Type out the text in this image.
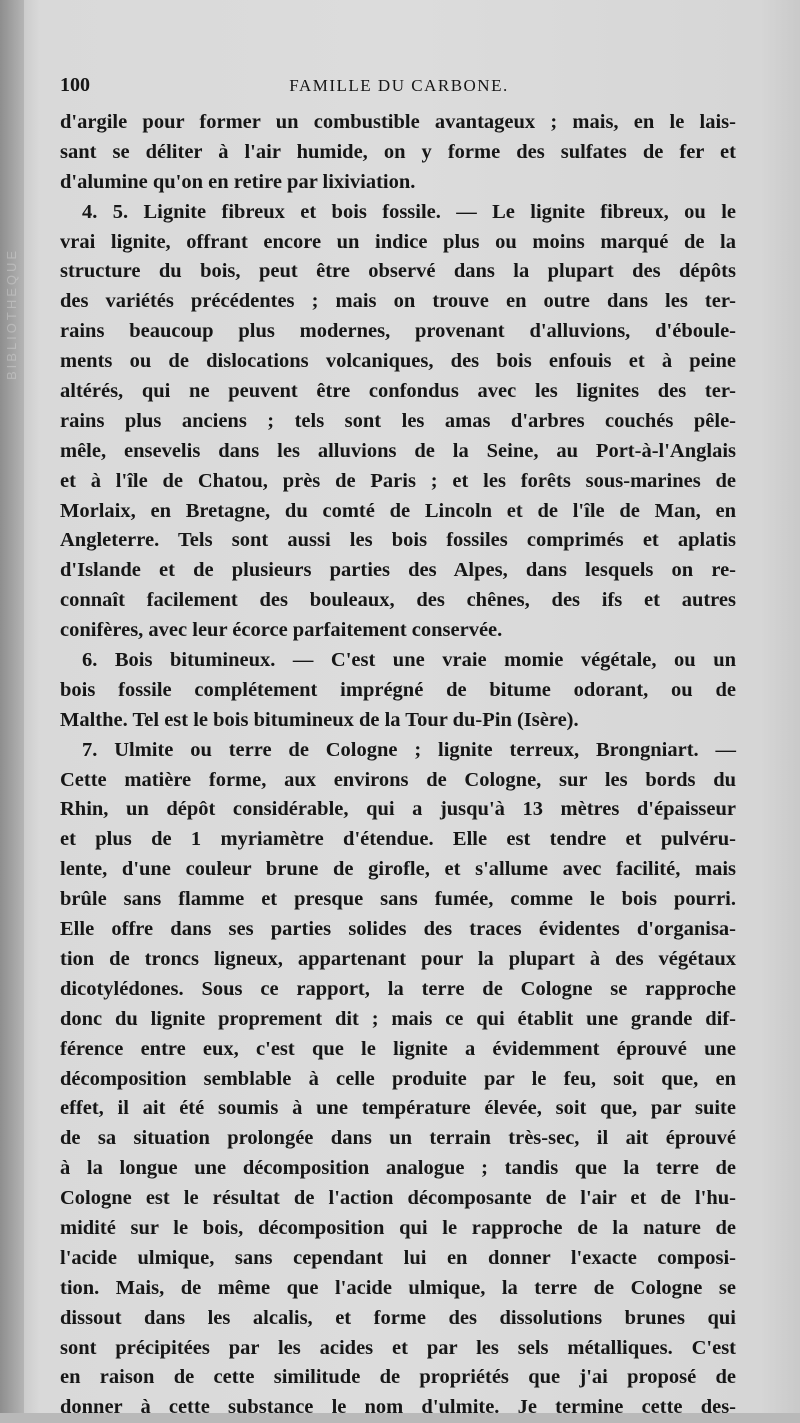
BIBLIOTHEQUE
100	FAMILLE DU CARBONE.
d'argile pour former un combustible avantageux ; mais, en le lais-
sant se déliter à l'air humide, on y forme des sulfates de fer et
d'alumine qu'on en retire par lixiviation.
4. 5. Lignite fibreux et bois fossile. — Le lignite fibreux, ou le
vrai lignite, offrant encore un indice plus ou moins marqué de la
structure du bois, peut être observé dans la plupart des dépôts
des variétés précédentes ; mais on trouve en outre dans les ter-
rains beaucoup plus modernes, provenant d'alluvions, d'éboule-
ments ou de dislocations volcaniques, des bois enfouis et à peine
altérés, qui ne peuvent être confondus avec les lignites des ter-
rains plus anciens ; tels sont les amas d'arbres couchés pêle-
mêle, ensevelis dans les alluvions de la Seine, au Port-à-l'Anglais
et à l'île de Chatou, près de Paris ; et les forêts sous-marines de
Morlaix, en Bretagne, du comté de Lincoln et de l'île de Man, en
Angleterre. Tels sont aussi les bois fossiles comprimés et aplatis
d'Islande et de plusieurs parties des Alpes, dans lesquels on re-
connaît facilement des bouleaux, des chênes, des ifs et autres
conifères, avec leur écorce parfaitement conservée.
6. Bois bitumineux. — C'est une vraie momie végétale, ou un
bois fossile complétement imprégné de bitume odorant, ou de
Malthe. Tel est le bois bitumineux de la Tour du-Pin (Isère).
7. Ulmite ou terre de Cologne ; lignite terreux, Brongniart. —
Cette matière forme, aux environs de Cologne, sur les bords du
Rhin, un dépôt considérable, qui a jusqu'à 13 mètres d'épaisseur
et plus de 1 myriamètre d'étendue. Elle est tendre et pulvéru-
lente, d'une couleur brune de girofle, et s'allume avec facilité, mais
brûle sans flamme et presque sans fumée, comme le bois pourri.
Elle offre dans ses parties solides des traces évidentes d'organisa-
tion de troncs ligneux, appartenant pour la plupart à des végétaux
dicotylédones. Sous ce rapport, la terre de Cologne se rapproche
donc du lignite proprement dit ; mais ce qui établit une grande dif-
férence entre eux, c'est que le lignite a évidemment éprouvé une
décomposition semblable à celle produite par le feu, soit que, en
effet, il ait été soumis à une température élevée, soit que, par suite
de sa situation prolongée dans un terrain très-sec, il ait éprouvé
à la longue une décomposition analogue ; tandis que la terre de
Cologne est le résultat de l'action décomposante de l'air et de l'hu-
midité sur le bois, décomposition qui le rapproche de la nature de
l'acide ulmique, sans cependant lui en donner l'exacte composi-
tion. Mais, de même que l'acide ulmique, la terre de Cologne se
dissout dans les alcalis, et forme des dissolutions brunes qui
sont précipitées par les acides et par les sels métalliques. C'est
en raison de cette similitude de propriétés que j'ai proposé de
donner à cette substance le nom d'ulmite. Je termine cette des-
